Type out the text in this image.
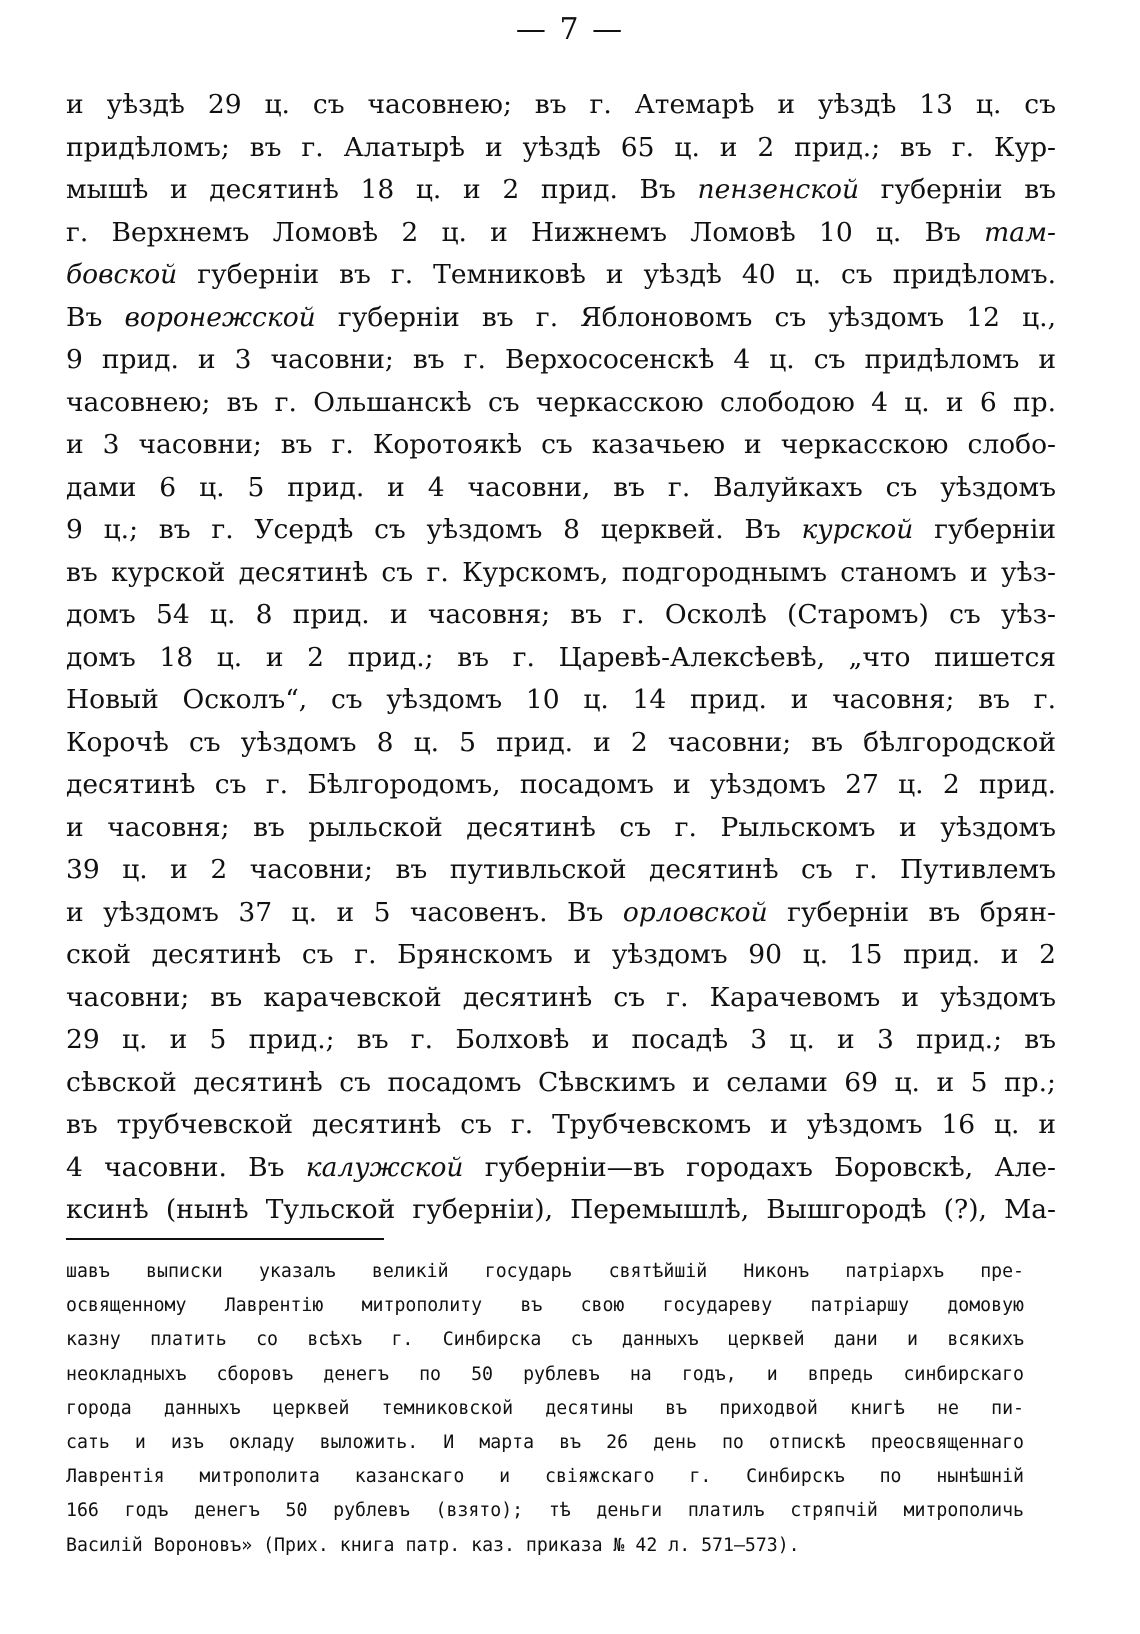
— 7 —
и уѣздѣ 29 ц. съ часовнею; въ г. Атемарѣ и уѣздѣ 13 ц. съ
придѣломъ; въ г. Алатырѣ и уѣздѣ 65 ц. и 2 прид.; въ г. Кур-
мышѣ и десятинѣ 18 ц. и 2 прид. Въ пензенской губерніи въ
г. Верхнемъ Ломовѣ 2 ц. и Нижнемъ Ломовѣ 10 ц. Въ там-
бовской губерніи въ г. Темниковѣ и уѣздѣ 40 ц. съ придѣломъ.
Въ воронежской губерніи въ г. Яблоновомъ съ уѣздомъ 12 ц.,
9 прид. и 3 часовни; въ г. Верхососенскѣ 4 ц. съ придѣломъ и
часовнею; въ г. Ольшанскѣ съ черкасскою слободою 4 ц. и 6 пр.
и 3 часовни; въ г. Коротоякѣ съ казачьею и черкасскою слобо-
дами 6 ц. 5 прид. и 4 часовни, въ г. Валуйкахъ съ уѣздомъ
9 ц.; въ г. Усердѣ съ уѣздомъ 8 церквей. Въ курской губерніи
въ курской десятинѣ съ г. Курскомъ, подгороднымъ станомъ и уѣз-
домъ 54 ц. 8 прид. и часовня; въ г. Осколѣ (Старомъ) съ уѣз-
домъ 18 ц. и 2 прид.; въ г. Царевѣ-Алексѣевѣ, „что пишется
Новый Осколъ“, съ уѣздомъ 10 ц. 14 прид. и часовня; въ г.
Корочѣ съ уѣздомъ 8 ц. 5 прид. и 2 часовни; въ бѣлгородской
десятинѣ съ г. Бѣлгородомъ, посадомъ и уѣздомъ 27 ц. 2 прид.
и часовня; въ рыльской десятинѣ съ г. Рыльскомъ и уѣздомъ
39 ц. и 2 часовни; въ путивльской десятинѣ съ г. Путивлемъ
и уѣздомъ 37 ц. и 5 часовенъ. Въ орловской губерніи въ брян-
ской десятинѣ съ г. Брянскомъ и уѣздомъ 90 ц. 15 прид. и 2
часовни; въ карачевской десятинѣ съ г. Карачевомъ и уѣздомъ
29 ц. и 5 прид.; въ г. Болховѣ и посадѣ 3 ц. и 3 прид.; въ
сѣвской десятинѣ съ посадомъ Сѣвскимъ и селами 69 ц. и 5 пр.;
въ трубчевской десятинѣ съ г. Трубчевскомъ и уѣздомъ 16 ц. и
4 часовни. Въ калужской губерніи—въ городахъ Боровскѣ, Але-
ксинѣ (нынѣ Тульской губерніи), Перемышлѣ, Вышгородѣ (?), Ма-
шавъ выписки указалъ великій государь святѣйшій Никонъ патріархъ пре-
освященному Лаврентію митрополиту въ свою государеву патріаршу домовую
казну платить со всѣхъ г. Синбирска съ данныхъ церквей дани и всякихъ
неокладныхъ сборовъ денегъ по 50 рублевъ на годъ, и впредь синбирскаго
города данныхъ церквей темниковской десятины въ приходвой книгѣ не пи-
сать и изъ окладу выложить. И марта въ 26 день по отпискѣ преосвященнаго
Лаврентія митрополита казанскаго и свіяжскаго г. Синбирскъ по нынѣшній
166 годъ денегъ 50 рублевъ (взято); тѣ деньги платилъ стряпчій митрополичь
Василій Вороновъ» (Прих. книга патр. каз. приказа № 42 л. 571—573).
